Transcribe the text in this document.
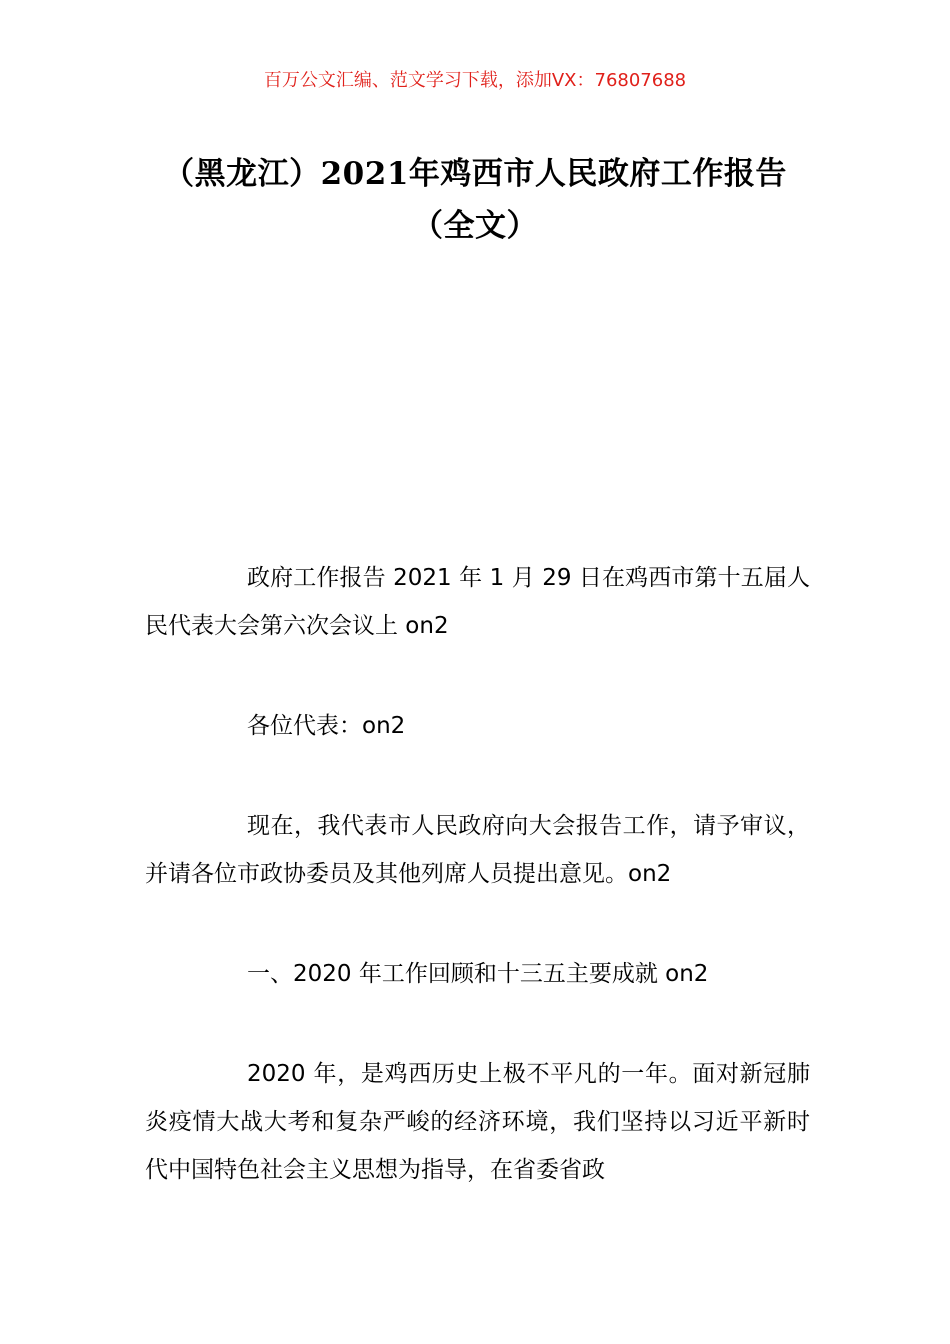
百万公文汇编、范文学习下载，添加VX：76807688
（黑龙江）2021年鸡西市人民政府工作报告（全文）

政府工作报告 2021 年 1 月 29 日在鸡西市第十五届人民代表大会第六次会议上 on2

各位代表：on2

现在，我代表市人民政府向大会报告工作，请予审议，并请各位市政协委员及其他列席人员提出意见。on2

一、2020 年工作回顾和十三五主要成就 on2

2020 年，是鸡西历史上极不平凡的一年。面对新冠肺炎疫情大战大考和复杂严峻的经济环境，我们坚持以习近平新时代中国特色社会主义思想为指导，在省委省政
